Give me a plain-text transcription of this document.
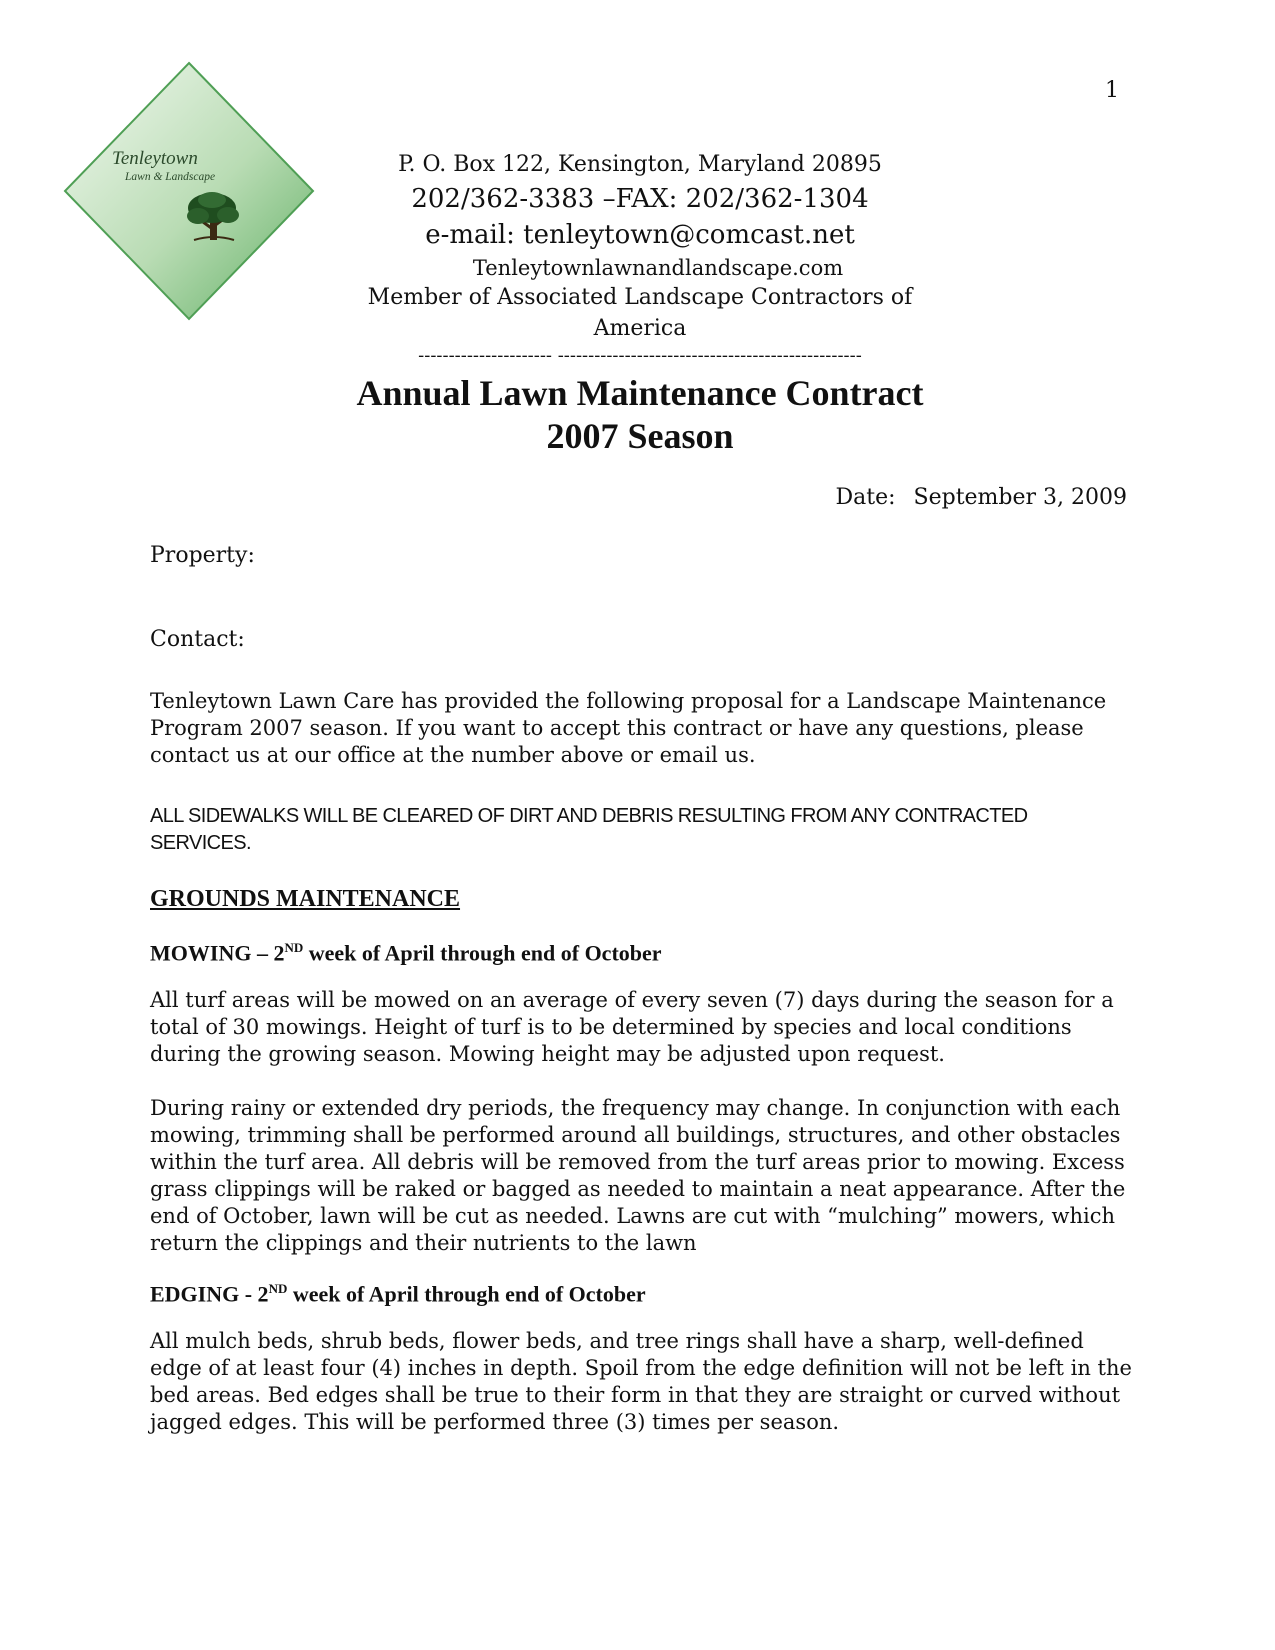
1
Tenleytown
Lawn & Landscape	P. O. Box 122, Kensington, Maryland 20895
202/362-3383 –FAX: 202/362-1304
e-mail: tenleytown@comcast.net
Tenleytownlawnandlandscape.com
Member of Associated Landscape Contractors of America
---------------------- --------------------------------------------------
Annual Lawn Maintenance Contract
2007 Season
Date: September 3, 2009
Property:
Contact:

Tenleytown Lawn Care has provided the following proposal for a Landscape Maintenance Program 2007 season. If you want to accept this contract or have any questions, please contact us at our office at the number above or email us.

ALL SIDEWALKS WILL BE CLEARED OF DIRT AND DEBRIS RESULTING FROM ANY CONTRACTED SERVICES.

GROUNDS MAINTENANCE
MOWING – 2ND week of April through end of October

All turf areas will be mowed on an average of every seven (7) days during the season for a total of 30 mowings. Height of turf is to be determined by species and local conditions during the growing season. Mowing height may be adjusted upon request.

During rainy or extended dry periods, the frequency may change. In conjunction with each mowing, trimming shall be performed around all buildings, structures, and other obstacles within the turf area. All debris will be removed from the turf areas prior to mowing. Excess grass clippings will be raked or bagged as needed to maintain a neat appearance. After the end of October, lawn will be cut as needed. Lawns are cut with “mulching” mowers, which return the clippings and their nutrients to the lawn

EDGING - 2ND week of April through end of October

All mulch beds, shrub beds, flower beds, and tree rings shall have a sharp, well-defined edge of at least four (4) inches in depth. Spoil from the edge definition will not be left in the bed areas. Bed edges shall be true to their form in that they are straight or curved without jagged edges. This will be performed three (3) times per season.
